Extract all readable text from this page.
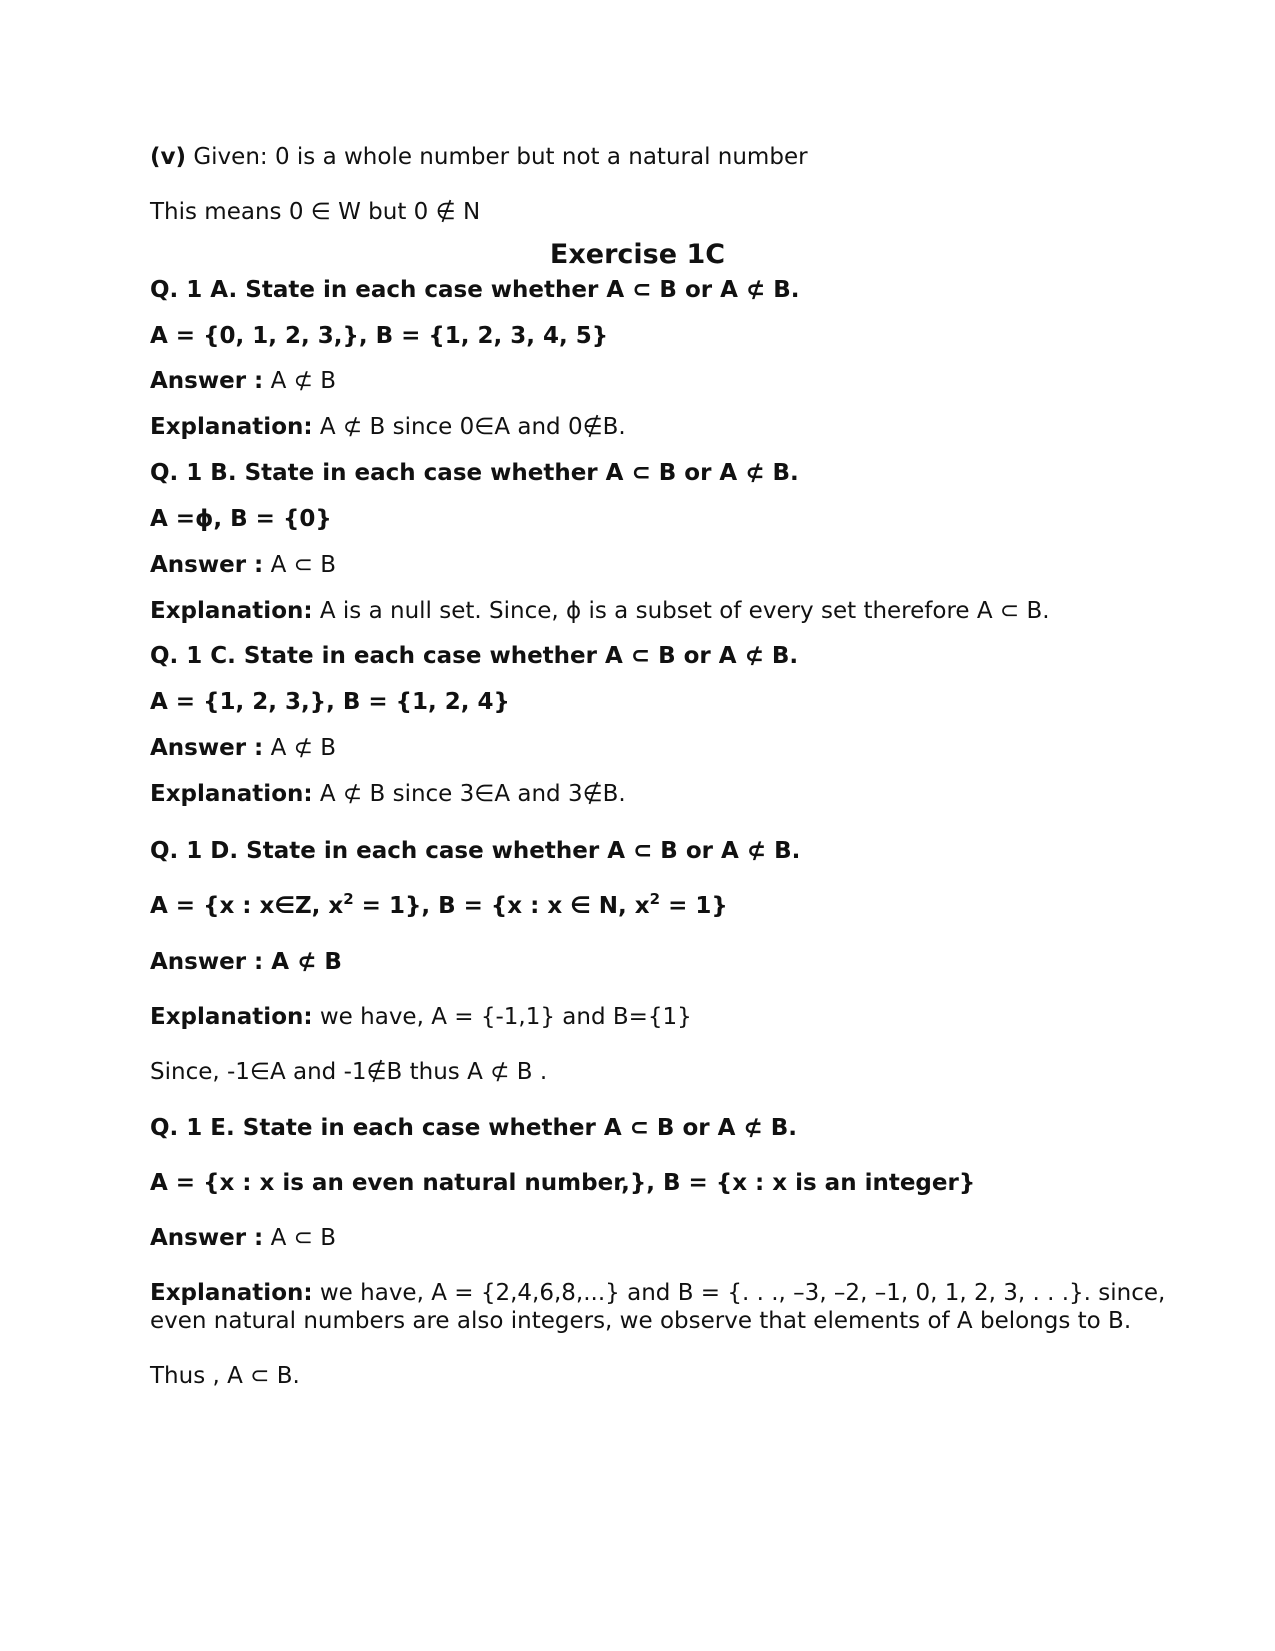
(v) Given: 0 is a whole number but not a natural number
This means 0 ∈ W but 0 ∉ N
Exercise 1C
Q. 1 A. State in each case whether A ⊂ B or A ⊄ B.
A = {0, 1, 2, 3,}, B = {1, 2, 3, 4, 5}
Answer : A ⊄ B
Explanation: A ⊄ B since 0∈A and 0∉B.
Q. 1 B. State in each case whether A ⊂ B or A ⊄ B.
A =ϕ, B = {0}
Answer : A ⊂ B
Explanation: A is a null set. Since, ϕ is a subset of every set therefore A ⊂ B.
Q. 1 C. State in each case whether A ⊂ B or A ⊄ B.
A = {1, 2, 3,}, B = {1, 2, 4}
Answer : A ⊄ B
Explanation: A ⊄ B since 3∈A and 3∉B.
Q. 1 D. State in each case whether A ⊂ B or A ⊄ B.
A = {x : x∈Z, $x^2 = 1$}, B = {x : x ∈ N, $x^2 = 1$}
Answer : A ⊄ B
Explanation: we have, A = {-1,1} and B={1}
Since, -1∈A and -1∉B thus A ⊄ B .
Q. 1 E. State in each case whether A ⊂ B or A ⊄ B.
A = {x : x is an even natural number,}, B = {x : x is an integer}
Answer : A ⊂ B
Explanation: we have, A = {2,4,6,8,...} and B = {. . ., –3, –2, –1, 0, 1, 2, 3, . . .}. since,
even natural numbers are also integers, we observe that elements of A belongs to B.
Thus , A ⊂ B.
